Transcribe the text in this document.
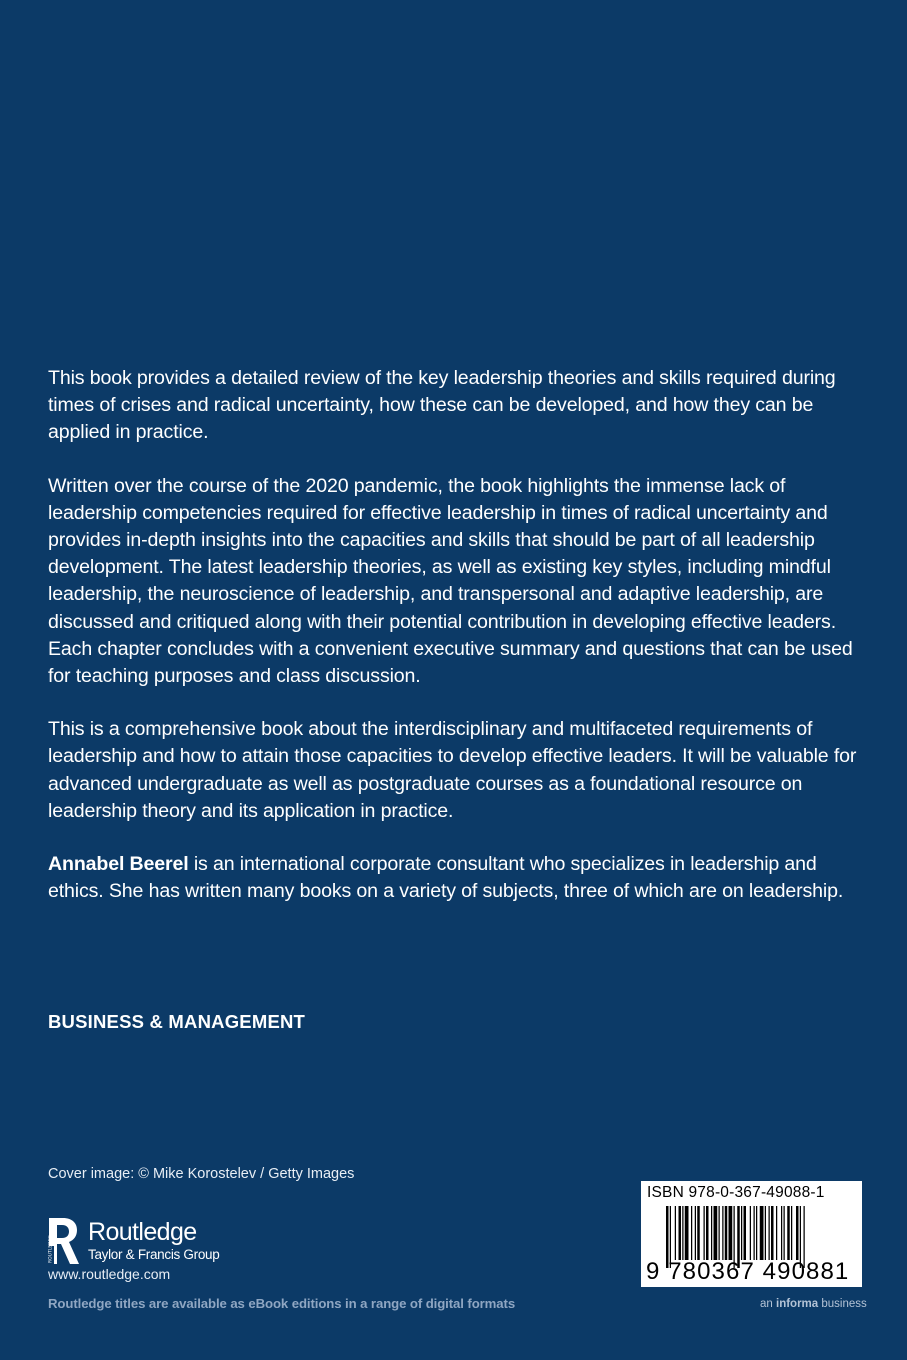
This book provides a detailed review of the key leadership theories and skills required during times of crises and radical uncertainty, how these can be developed, and how they can be applied in practice.

Written over the course of the 2020 pandemic, the book highlights the immense lack of leadership competencies required for effective leadership in times of radical uncertainty and provides in-depth insights into the capacities and skills that should be part of all leadership development. The latest leadership theories, as well as existing key styles, including mindful leadership, the neuroscience of leadership, and transpersonal and adaptive leadership, are discussed and critiqued along with their potential contribution in developing effective leaders. Each chapter concludes with a convenient executive summary and questions that can be used for teaching purposes and class discussion.

This is a comprehensive book about the interdisciplinary and multifaceted requirements of leadership and how to attain those capacities to develop effective leaders. It will be valuable for advanced undergraduate as well as postgraduate courses as a foundational resource on leadership theory and its application in practice.

Annabel Beerel is an international corporate consultant who specializes in leadership and ethics. She has written many books on a variety of subjects, three of which are on leadership.

BUSINESS & MANAGEMENT
Cover image: © Mike Korostelev / Getty Images
ROUTLEDGE
Routledge
Taylor & Francis Group
www.routledge.com
Routledge titles are available as eBook editions in a range of digital formats
ISBN 978-0-367-49088-1
9 780367 490881
an informa business
